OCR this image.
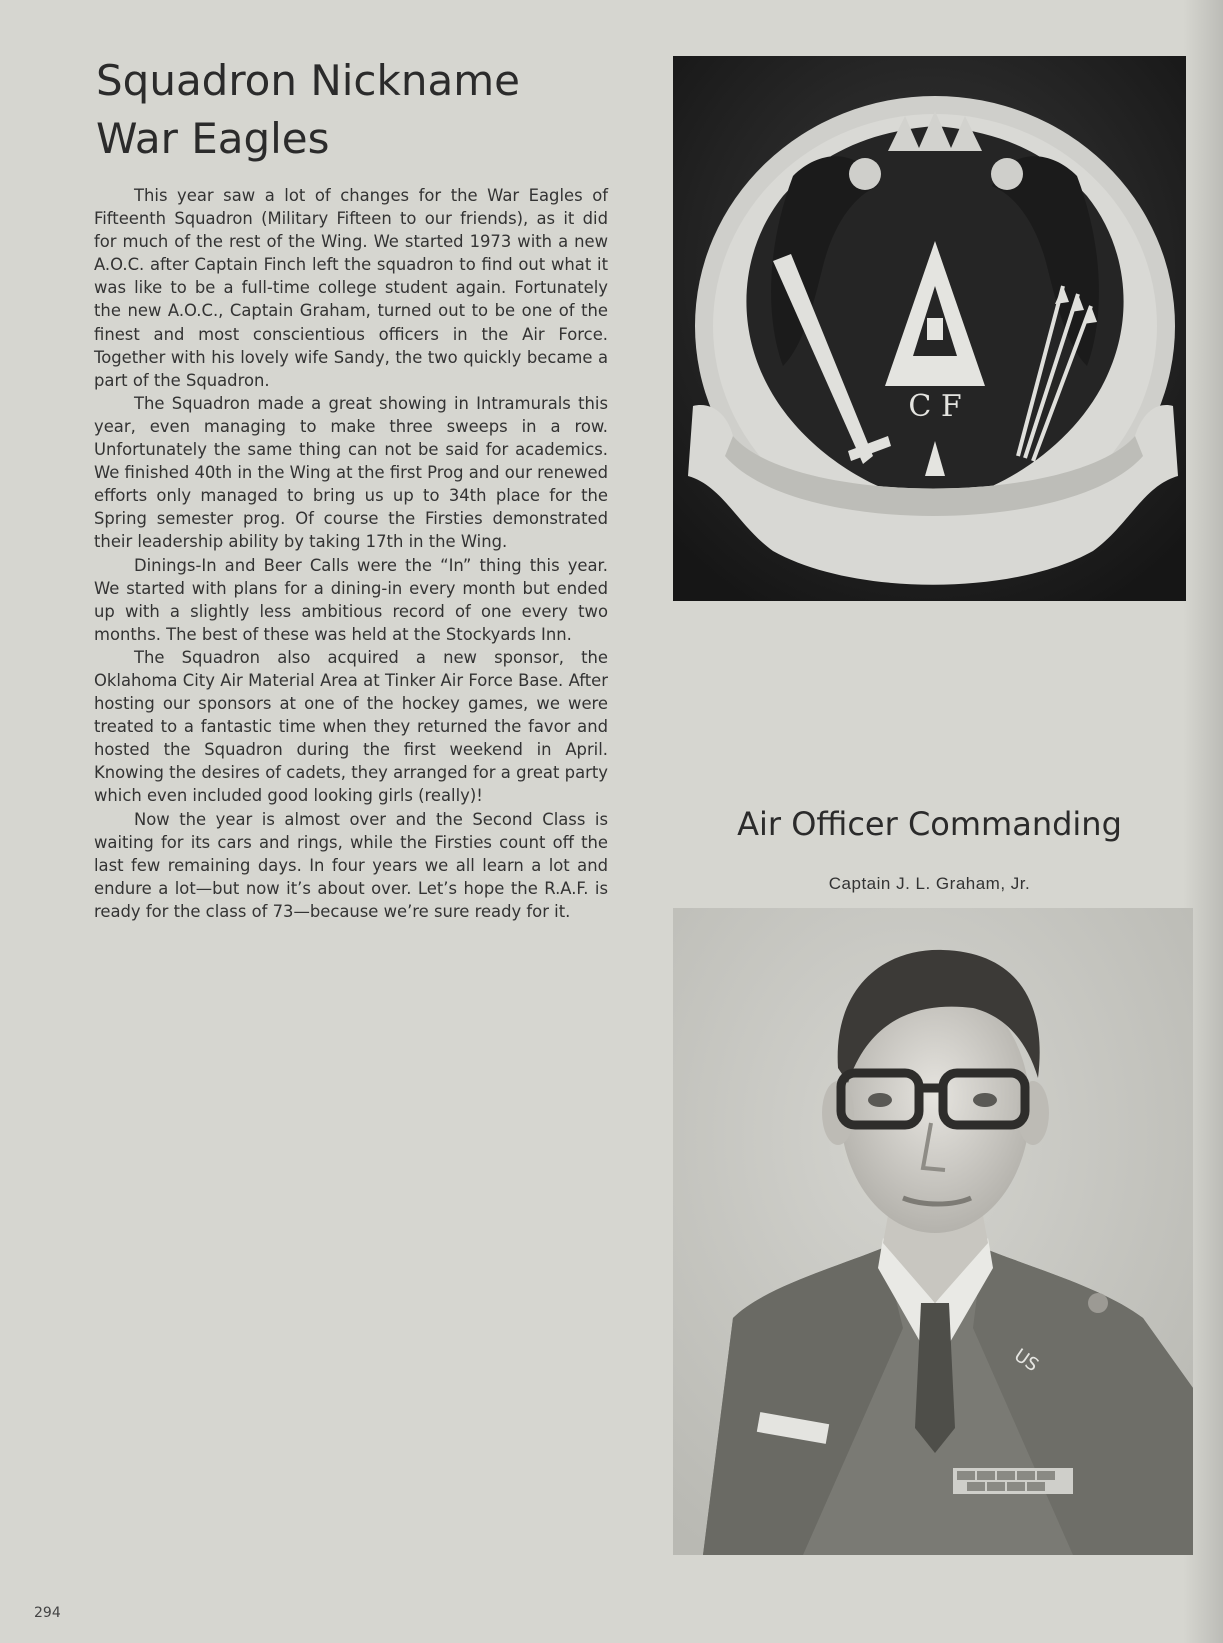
Squadron Nickname
War Eagles

This year saw a lot of changes for the War Eagles of Fifteenth Squadron (Military Fifteen to our friends), as it did for much of the rest of the Wing. We started 1973 with a new A.O.C. after Captain Finch left the squadron to find out what it was like to be a full-time college student again. Fortunately the new A.O.C., Captain Graham, turned out to be one of the finest and most conscientious officers in the Air Force. Together with his lovely wife Sandy, the two quickly became a part of the Squadron.

The Squadron made a great showing in Intramurals this year, even managing to make three sweeps in a row. Unfortunately the same thing can not be said for academics. We finished 40th in the Wing at the first Prog and our renewed efforts only managed to bring us up to 34th place for the Spring semester prog. Of course the Firsties demonstrated their leadership ability by taking 17th in the Wing.

Dinings-In and Beer Calls were the “In” thing this year. We started with plans for a dining-in every month but ended up with a slightly less ambitious record of one every two months. The best of these was held at the Stockyards Inn.

The Squadron also acquired a new sponsor, the Oklahoma City Air Material Area at Tinker Air Force Base. After hosting our sponsors at one of the hockey games, we were treated to a fantastic time when they returned the favor and hosted the Squadron during the first weekend in April. Knowing the desires of cadets, they arranged for a great party which even included good looking girls (really)!

Now the year is almost over and the Second Class is waiting for its cars and rings, while the Firsties count off the last few remaining days. In four years we all learn a lot and endure a lot—but now it’s about over. Let’s hope the R.A.F. is ready for the class of 73—because we’re sure ready for it.

C F
Air Officer Commanding
Captain J. L. Graham, Jr.
US
294
